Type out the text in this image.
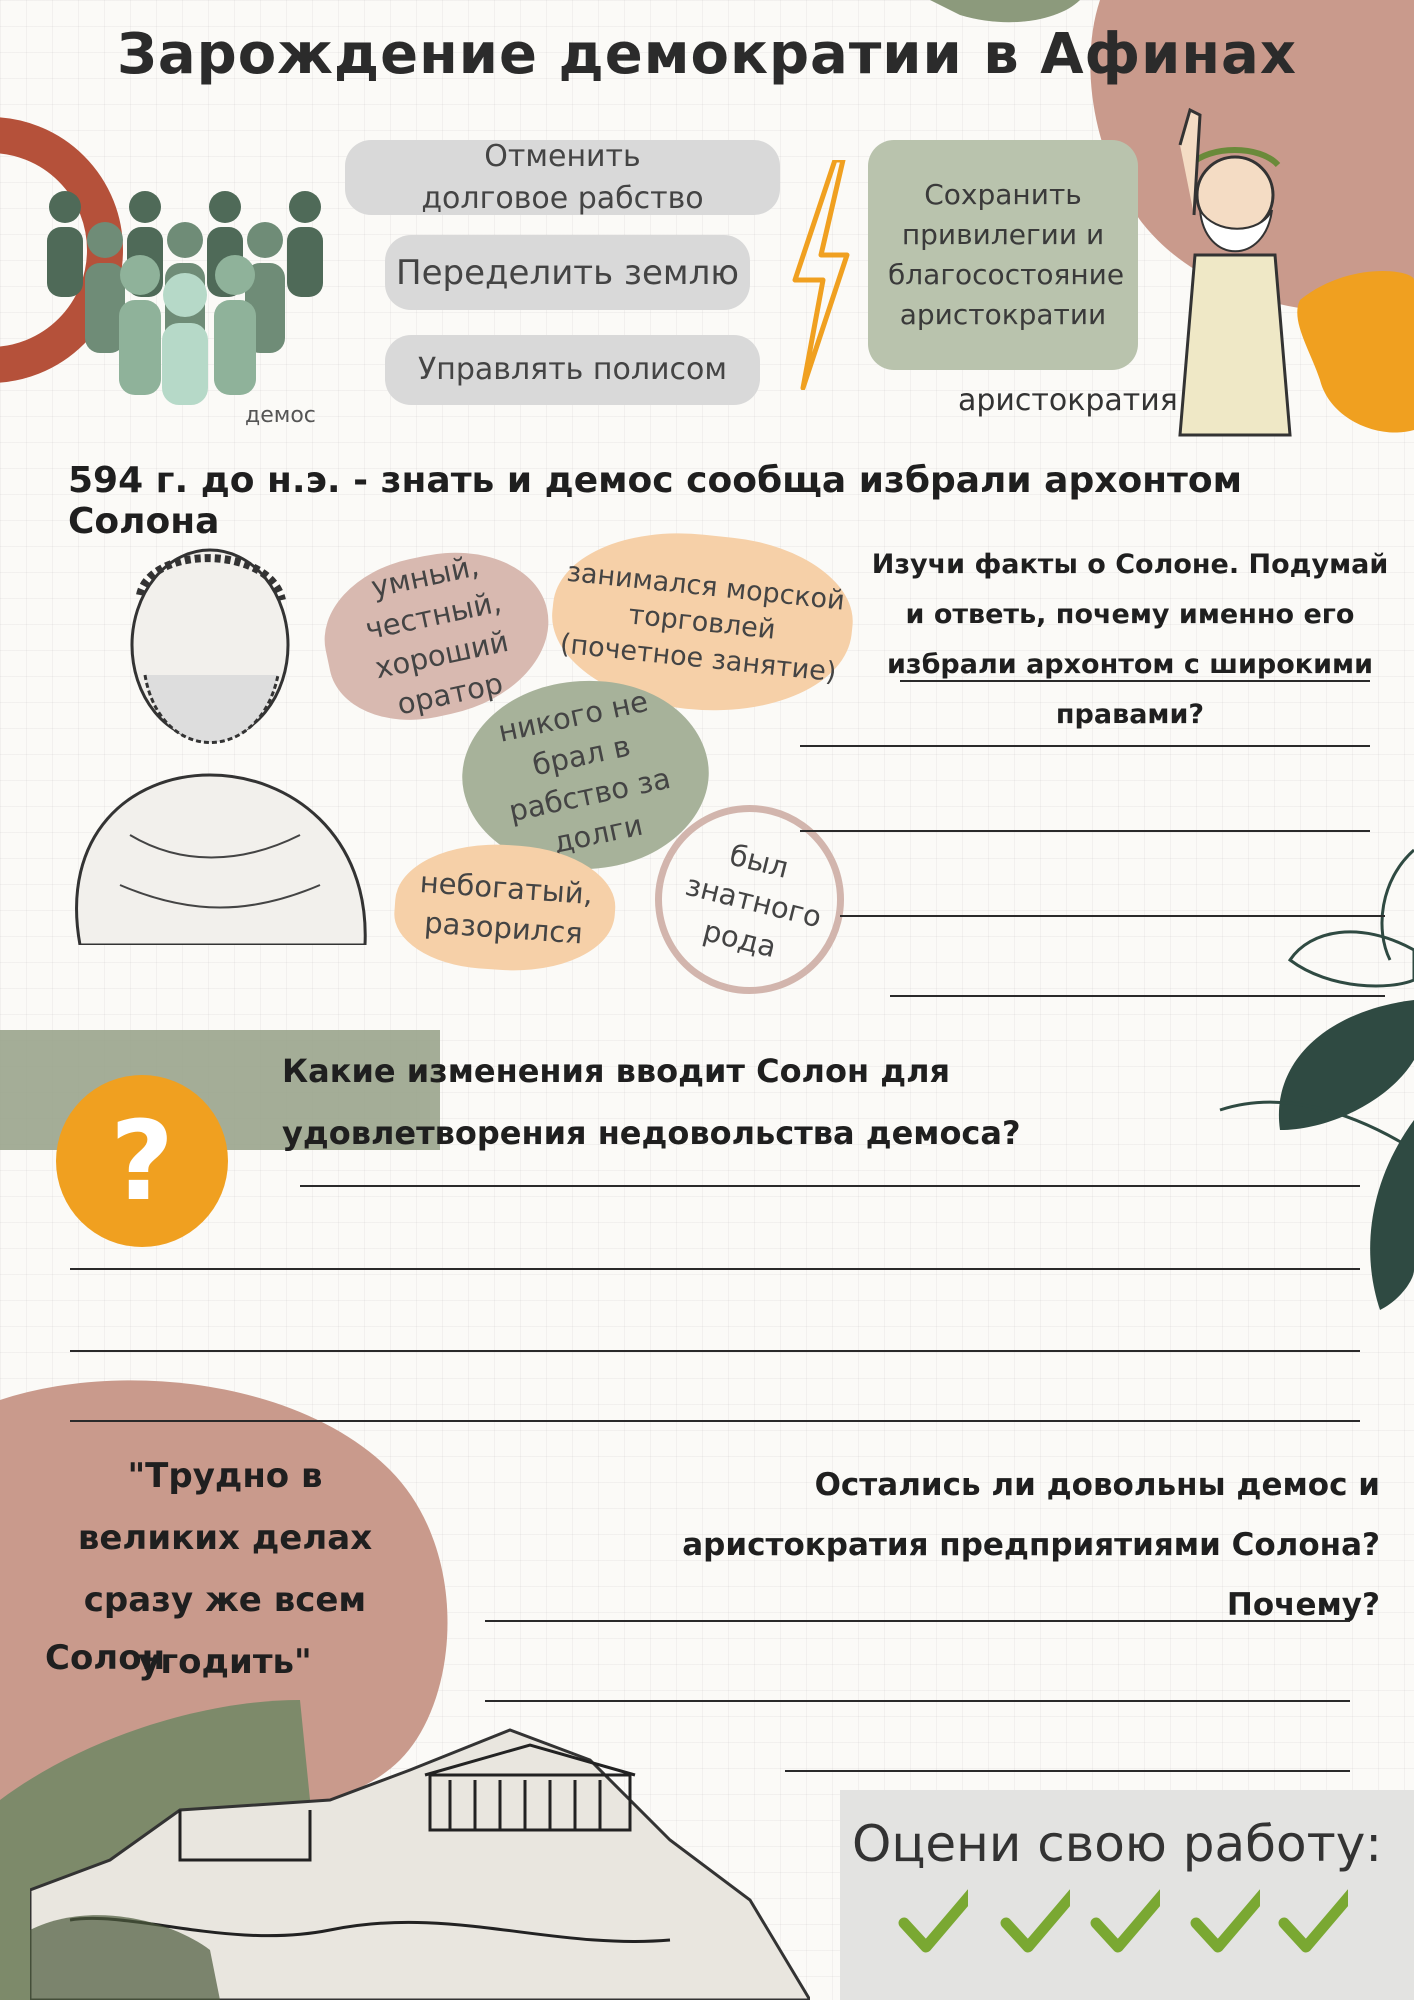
Зарождение демократии в Афинах
демос
Отменить долговое рабство
Переделить землю
Управлять полисом
Сохранить привилегии и благосостояние аристократии
аристократия
594 г. до н.э. - знать и демос сообща избрали архонтом Солона
умный, честный, хороший оратор
занимался морской торговлей (почетное занятие)
никого не брал в рабство за долги
небогатый, разорился
был знатного рода
Изучи факты о Солоне. Подумай и ответь, почему именно его избрали архонтом с широкими правами?
?
Какие изменения вводит Солон для удовлетворения недовольства демоса?
"Трудно в великих делах сразу же всем угодить"
Солон
Остались ли довольны демос и аристократия предприятиями Солона? Почему?
Оцени свою работу:
